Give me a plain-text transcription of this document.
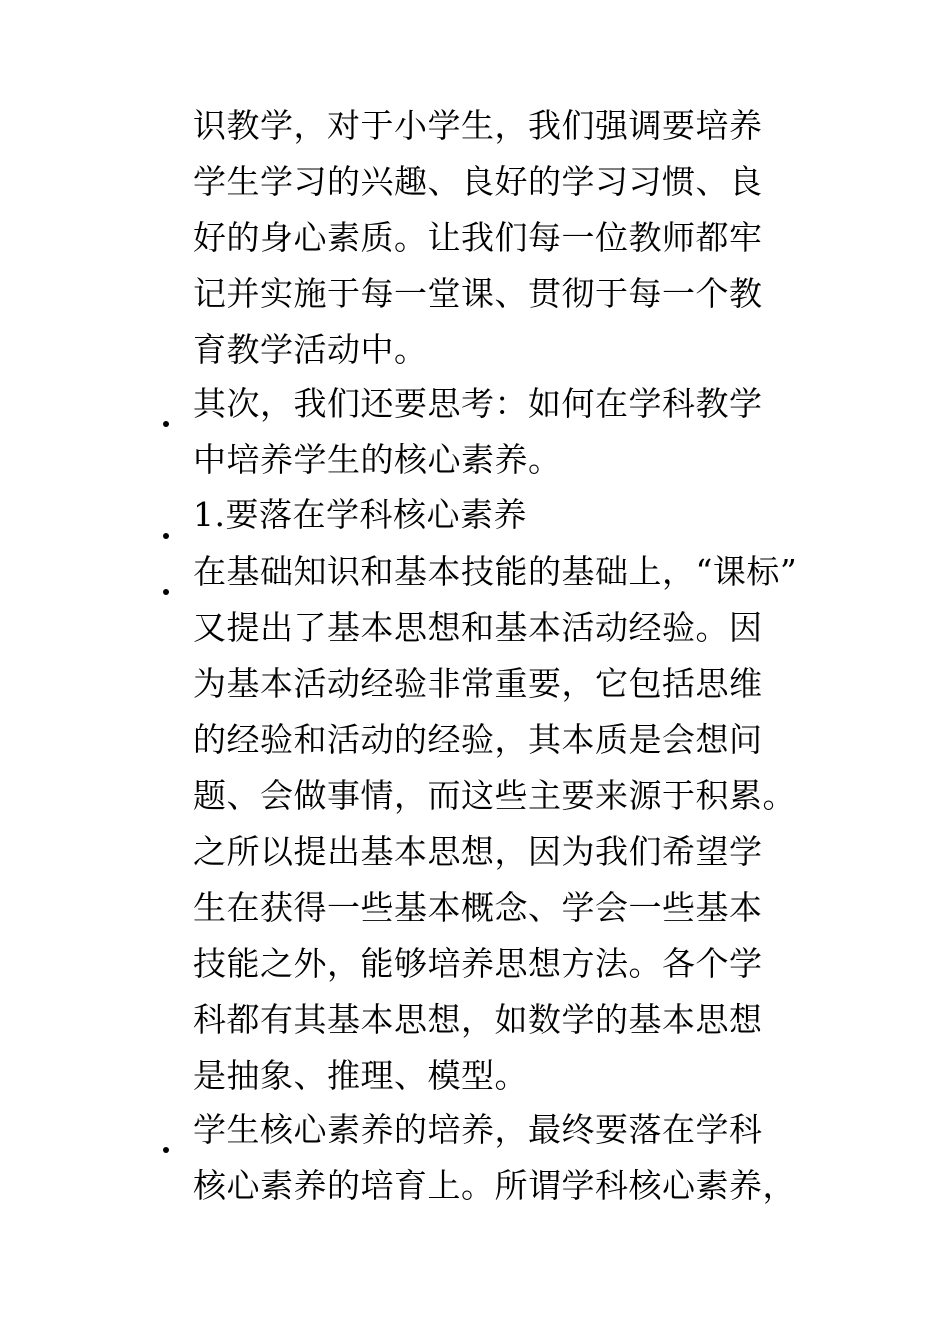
识教学，对于小学生，我们强调要培养
学生学习的兴趣、良好的学习习惯、良
好的身心素质。让我们每一位教师都牢
记并实施于每一堂课、贯彻于每一个教
育教学活动中。
其次，我们还要思考：如何在学科教学
中培养学生的核心素养。
1.要落在学科核心素养
在基础知识和基本技能的基础上，“课标”
又提出了基本思想和基本活动经验。因
为基本活动经验非常重要，它包括思维
的经验和活动的经验，其本质是会想问
题、会做事情，而这些主要来源于积累。
之所以提出基本思想，因为我们希望学
生在获得一些基本概念、学会一些基本
技能之外，能够培养思想方法。各个学
科都有其基本思想，如数学的基本思想
是抽象、推理、模型。
学生核心素养的培养，最终要落在学科
核心素养的培育上。所谓学科核心素养，
